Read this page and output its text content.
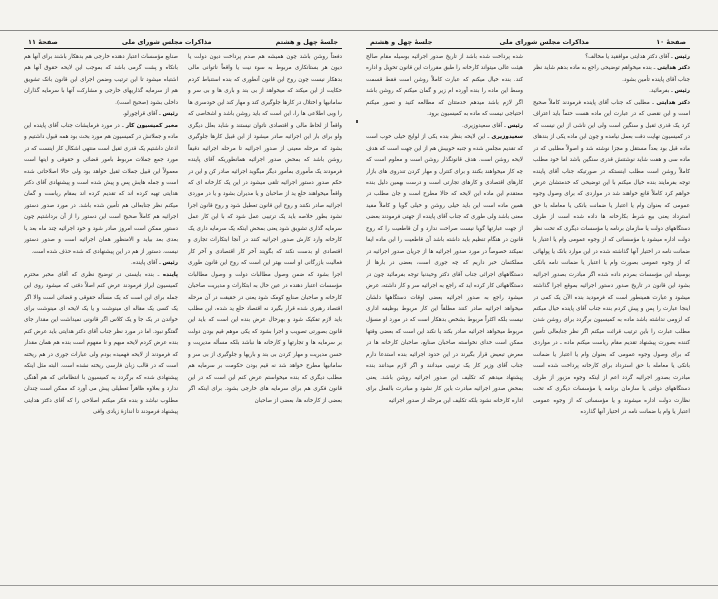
جلسهٔ چهل و هشتم
مذاکرات مجلس شورای ملی
صفحهٔ ۱۱

دفعتاً روشن باشد چون همیشه هم صدم پرداخت دیون دولت یا دیون هر بستانکاری مربوط به سوء نیت یا واقعاً ناتوانی مالی بدهکار نیست چون روح این قانون آنطوری که بنده استنباط کردم حکایت از این میکند که میخواهد از بی بند و باری ها و بی سر و سامانیها و اختلال در کارها جلوگیری کند و مهار کند این خودسری ها را وبی اطلاعی ها را، این است که باید روشن باشد و اشخاصی که واقعاً از لحاظ مالی و اقتصادی ناتوان نیستند و شاید بعلل دیگری ولو برای بار این اجرائیه صادر میشود از این قبیل کارها جلوگیری بشود که مرحله معینی از صدور اجرائیه تا مرحله اجرائیه دقیقاً روشن باشد که بمحض صدور اجرائیه همانطوریکه آقای پاینده فرمودند یک مأموری بمأمور دیگر میگوید اجرائیه صادر کن و این در حکم صدور دستور اجرائیه تلقی میشود در این یک کارخانه ای که واقعاً میخواهند خلع ید از صاحبان و یا مدیران بشود و یا در موردی اجرائیه صادر نکنند و روح این قانون تعطیل شود و روح قانون اجرا نشود بطور خلاصه باید یک ترتیبی عمل شود که با این کار عمل سرمایه گذاری تشویق شود یعنی بمحض اینکه یک سرمایه داری یک کارخانه وارد کارش صدور اجرائیه کنند در آنجا ابتکارات تجاری و اقتصادی او بدست نکند که بگویند آخر کار اقتصادی و آخر کار فعالیت بازرگانی او است بهتر این است که روح این قانون طوری اجرا بشود که ضمن وصول مطالبات دولت و وصول مطالبات مؤسسات اعتبار دهنده در عین حال به ابتکارات و مدیریت صاحبان کارخانه و صاحبان صنایع کومک شود یعنی در حقیقت در آن مرحله اقتصاد رهبری شده قرار بگیرد نه اقتصاد خلع ید شده، این مطلب باید لازم تفکیک شود و بهرحال عرض بنده این است که باید این قانون بصورتی تصویب و اجرا بشود که یکی موهم قیم بودن دولت بر سرمایه ها و تجارتها و کارخانه ها نباشد بلکه مسأله مدیریت و حسن مدیریت و مهار کردن بی بند و باریها و جلوگیری از بی سر و سامانیها مطرح خواهد شد نه قیم بودن حکومت بر سرمایه هم مطلب دیگری که بنده میخواستم عرض کنم این است که در این قانون فکری هم برای سرمایه های خارجی بشود. برای اینکه اگر بعضی از کارخانه ها، بعضی از صاحبان

صنایع مؤسسات اعتبار دهنده خارجی هم بدهکار باشند برای آنها هم بانکاه و پشت گرمی باشد که بموجب این لایحه حقوق آنها هم اشتباه میشود تا این ترتیب وضمن اجرای این قانون بانک تشویق هم از سرمایه گذاریهای خارجی و مشارکت آنها با سرمایه گذاران داخلی بشود (صحیح است).

رئیس ـ آقای قراچورلو.

مخبر کمیسیون کار ـ در مورد فرمایشات جناب آقای پاینده این ماده و جملاتش در کمیسیون هم مورد بحث بود همه قبول داشتیم و اذعان داشتیم یک قدری ثقیل است منتهی اشکال کار اینست که در مورد جمع جملات مربوط بامور قضائی و حقوقی و اینها است معمولاً این قبیل جملات ثقیل خواهد بود ولی حالا اصلاحاتی شده است و جمله هایش پس و پیش شده است و پیشنهادی آقای دکتر هدایتی تهیه کرده اند که تقدیم کرده اند بمقام ریاست و گمان میکنم نظر جنابعالی هم تأمین شده باشد. در مورد صدور دستور اجرائیه هم کاملاً صحیح است این دستور را از آن برداشتیم چون دستور ممکن است امروز صادر شود و خود اجرائیه چند ماه بعد یا بعدی بعد بیاید و الامنظور همان اجرائیه است و صدور دستور نیست. دستور از هم در این پیشنهادی که شده حذف شده است.

رئیس ـ آقای پاینده.

پاینده ـ بنده بایستی در توضیح نظری که آقای مخبر محترم کمیسیون ابراز فرمودند عرض کنم اصلاً دقتی که میشود روی این جمله برای این است که یک مسأله حقوقی و قضائی است والا اگر یک کسی یک مقاله ای مینوشت و یا یک لایحه ای مینوشت برای خواندن در یک جا و یک کلاس اگر قانونی نمیداشت این مقدار جای گفتگو نبود. اما در مورد نظر جناب آقای دکتر هدایتی باید عرض کنم بنده عرض کردم لایحه مبهم و نا مفهوم است بنده هم همان مقدار که فرمودند از لایحه فهمیده بودم ولی عبارات جوری در هم ریخته است که در قالب زبان فارسی ریخته نشده است. البته مثل اینکه پیشنهادی شده که برگردد به کمیسیون با انتظاماتی که هم آهنگی ندارد و بعلاوه ظاهراً تعطیلی پیش می آورد که ممکن است چندان مطلوب نباشد و بنده فکر میکنم اصلاحی را که آقای دکتر هدایتی پیشنهاد فرمودند تا اندازهٔ زیادی وافی

صفحهٔ ۱۰
مذاکرات مجلس شورای ملی
جلسهٔ چهل و هشتم

رئیس ـ آقای دکتر هدایتی موافقید یا مخالف؟

دکتر هدایتی ـ بنده میخواهم توضیحی راجع به ماده بدهم شاید نظر جناب آقای پاینده تأمین بشود.

رئیس ـ بفرمائید.

دکتر هدایتی ـ مطلبی که جناب آقای پاینده فرمودند کاملاً صحیح است و این نقصی که در عبارت این ماده هست حتماً باید اعتراف کرد یک قدری ثقیل و سنگین است ولی این ناشی از این نیست که در کمیسیون نهایت دقت بعمل نیامده و چون این ماده یکی از بندهای ماده قبل بود بعداً مستقل و مجزا نوشته شد و اصولاً مطلبی که در ماده سی و هفت شاید نوشتنش قدری سنگین باشد اما خود مطلب کاملاً روشن است مطلب اینستکه در صورتیکه جناب آقای پاینده توجه بفرمایند بنده خیال میکنم با این توضیحی که خدمتشان عرض خواهم کرد کاملاً قانع خواهند شد در مواردی که برای وصول وجوه عمومی که بعنوان وام یا اعتبار یا ضمانت بانکی یا معامله با حق استرداد یعنی بیع شرط بکارخانه ها داده شده است از طرف دستگاههای دولت یا سازمان برنامه یا مؤسسات دیگری که تحت نظر دولت اداره میشود یا مؤسساتی که از وجوه عمومی وام یا اعتبار یا ضمانت نامه در اختیار آنها گذاشته شده در این موارد بانک یا پولهائی که از وجوه عمومی بصورت وام یا اعتبار یا ضمانت نامه بانکی بوسیله این مؤسسات بمردم داده شده اگر مبادرت بصدور اجرائیه بشود این قانون در تاریخ صدور دستور اجرائیه بموقع اجرا گذاشته میشود و عبارت همینطور است که فرمودید بنده الآن یک کمی در اینجا عبارت را پس و پیش کردم بنده جناب آقای پاینده خیال میکنم که لزومی نداشته باشد ماده به کمیسیون برگردد برای روشن شدن مطلب عبارت را باین ترتیب قرائت میکنم اگر نظر جنابعالی تأمین کننده بصورت پیشنهاد تقدیم مقام ریاست میکنم ماده ـ در مواردی که برای وصول وجوه عمومی که بعنوان وام یا اعتبار یا ضمانت بانکی یا معامله با حق استرداد برای کارخانه پرداخت شده است مبادرت بصدور اجرائیه گردد اعم از اینکه وجوه مزبور از طرف دستگاههای دولتی یا سازمان برنامه یا مؤسسات دیگری که تحت نظارت دولت اداره میشوند و یا مؤسساتی که از وجوه عمومی اعتبار یا وام یا ضمانت نامه در اختیار آنها گذارده

شده پرداخت شده باشد از تاریخ صدور اجرائیه بوسیله مقام صالح هیئت عالی میتواند کارخانه را طبق مقررات این قانون تحویل و اداره کند. بنده خیال میکنم که عبارت کاملاً روشن است فقط قسمت وسط این ماده را بنده آورده ام زیر و گمان میکنم که روشن باشد اگر لازم باشد میدهم خدمتتان که مطالعه کنید و تصور میکنم احتیاجی نیست که ماده به کمیسیون برود.

رئیس ـ آقای سعیدوزیری.

سعیدوزیری ـ این لایحه بنظر بنده یکی از لوایح خیلی خوب است که تقدیم مجلس شده و جنبه خوبیش هم از این جهت است که هدف لایحه روشن است. هدف قانونگذار روشن است و معلوم است که چه کار میخواهند بکنند و برای کنترل و مهار کردن تندروی های بازار کارهای اقتصادی و کارهای تجارتی است و درست بهمین دلیل بنده معتقدم این ماده این لایحه که حالا مطرح است و جان مطلب در همین ماده است این باید خیلی روشن و خیلی گویا و کاملاً مفید معنی باشد ولی طوری که جناب آقای پاینده از جهتی فرمودند بعضی از جهت عبارتها گویا نیست صراحت ندارد و آن قاطعیت را که روح قانون در هنگام تنظیم باید داشته باشد آن قاطعیت را این ماده ایفا نمیکند خصوصاً در مورد صدور اجرائیه ها از جریان صدور اجرائیه در مملکتمان خبر داریم که چه جوری است، بعضی در بارها از دستگاههای اجرائی جناب آقای دکتر وحیدنیا توجه بفرمائید چون در دستگاههائی کار کرده اید که راجع به اجرائیه سر و کار داشته، عرض میشود راجع به صدور اجرائیه بعضی اوقات دستگاهها دلشان میخواهد اجرائیه صادر کنند مطلقاً این کار مربوط بوظیفه اداری نیست بلکه اکثراً مربوط بشخص بدهکار است که در مورد او مسؤل مربوط میخواهد اجرائیه صادر بکند یا نکند این است که بعضی وقتها ممکن است خدای نخواسته صاحبان صنایع، صاحبان کارخانه ها در معرض تبعیض قرار بگیرند در این حدود اجرائیه بنده استدعا دارم جناب آقای وزیر کار یک ترتیبی میدانند و اگر لازم میدانند بنده پیشنهاد میدهم که تکلیف این صدور اجرائیه روشن باشد. یعنی بمحض صدور اجرائیه مبادرت باین کار نشود و مبادرت بالفعل برای اداره کارخانه نشود بلکه تکلیف این مرحله از صدور اجرائیه
